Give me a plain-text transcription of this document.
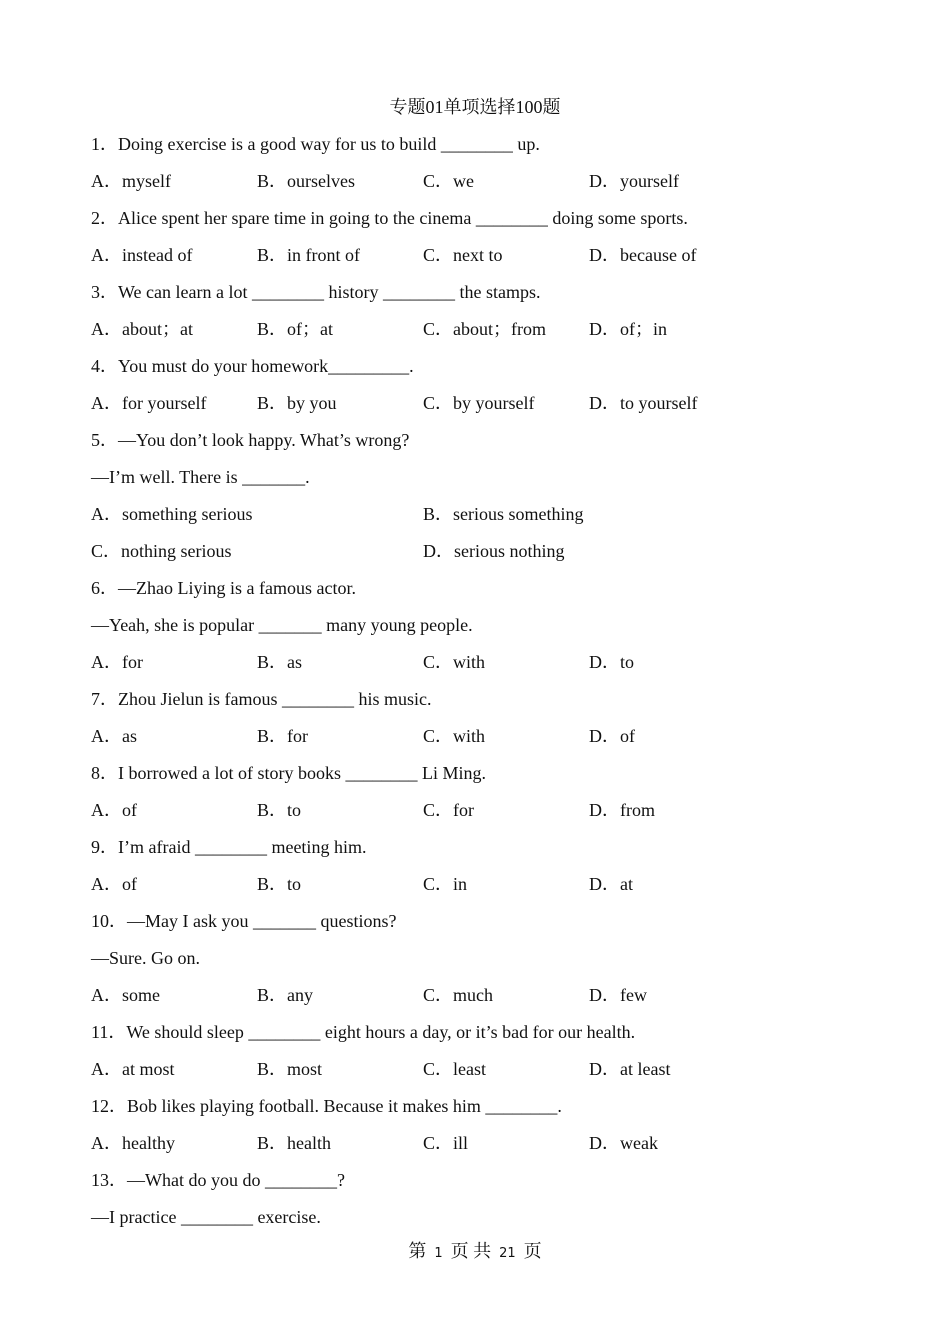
专题01单项选择100题
1．Doing exercise is a good way for us to build ________ up.
A．myself	B．ourselves	C．we	D．yourself
2．Alice spent her spare time in going to the cinema ________ doing some sports.
A．instead of	B．in front of	C．next to	D．because of
3．We can learn a lot ________ history ________ the stamps.
A．about；at	B．of；at	C．about；from	D．of；in
4．You must do your homework_________.
A．for yourself	B．by you	C．by yourself	D．to yourself
5．—You don’t look happy. What’s wrong?
—I’m well. There is _______.
A．something serious	B．serious something
C．nothing serious	D．serious nothing
6．—Zhao Liying is a famous actor.
—Yeah, she is popular _______ many young people.
A．for	B．as	C．with	D．to
7．Zhou Jielun is famous ________ his music.
A．as	B．for	C．with	D．of
8．I borrowed a lot of story books ________ Li Ming.
A．of	B．to	C．for	D．from
9．I’m afraid ________ meeting him.
A．of	B．to	C．in	D．at
10．—May I ask you _______ questions?
—Sure. Go on.
A．some	B．any	C．much	D．few
11．We should sleep ________ eight hours a day, or it’s bad for our health.
A．at most	B．most	C．least	D．at least
12．Bob likes playing football. Because it makes him ________.
A．healthy	B．health	C．ill	D．weak
13．—What do you do ________?
—I practice ________ exercise.
第 1 页 共 21 页
